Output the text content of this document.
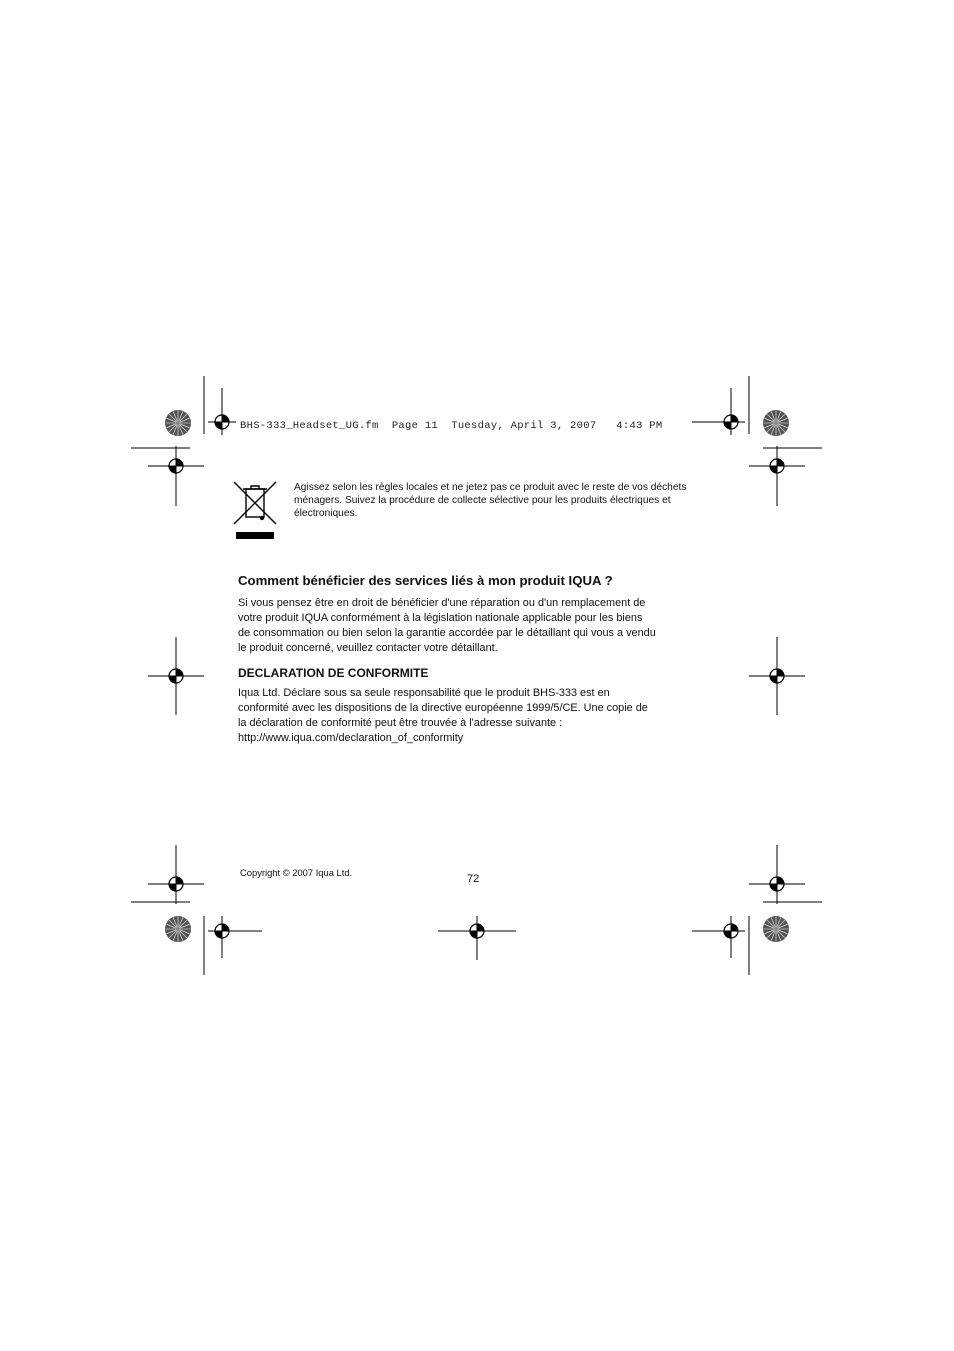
BHS-333_Headset_UG.fm  Page 11  Tuesday, April 3, 2007   4:43 PM
Agissez selon les règles locales et ne jetez pas ce produit avec le reste de vos déchets ménagers. Suivez la procédure de collecte sélective pour les produits électriques et électroniques.
Comment bénéficier des services liés à mon produit IQUA ?
Si vous pensez être en droit de bénéficier d'une réparation ou d'un remplacement de
votre produit IQUA conformément à la législation nationale applicable pour les biens
de consommation ou bien selon la garantie accordée par le détaillant qui vous a vendu
le produit concerné, veuillez contacter votre détaillant.
DECLARATION DE CONFORMITE
Iqua Ltd. Déclare sous sa seule responsabilité que le produit BHS-333 est en
conformité avec les dispositions de la directive européenne 1999/5/CE. Une copie de
la déclaration de conformité peut être trouvée à l'adresse suivante :
http://www.iqua.com/declaration_of_conformity
Copyright © 2007 Iqua Ltd.
72
